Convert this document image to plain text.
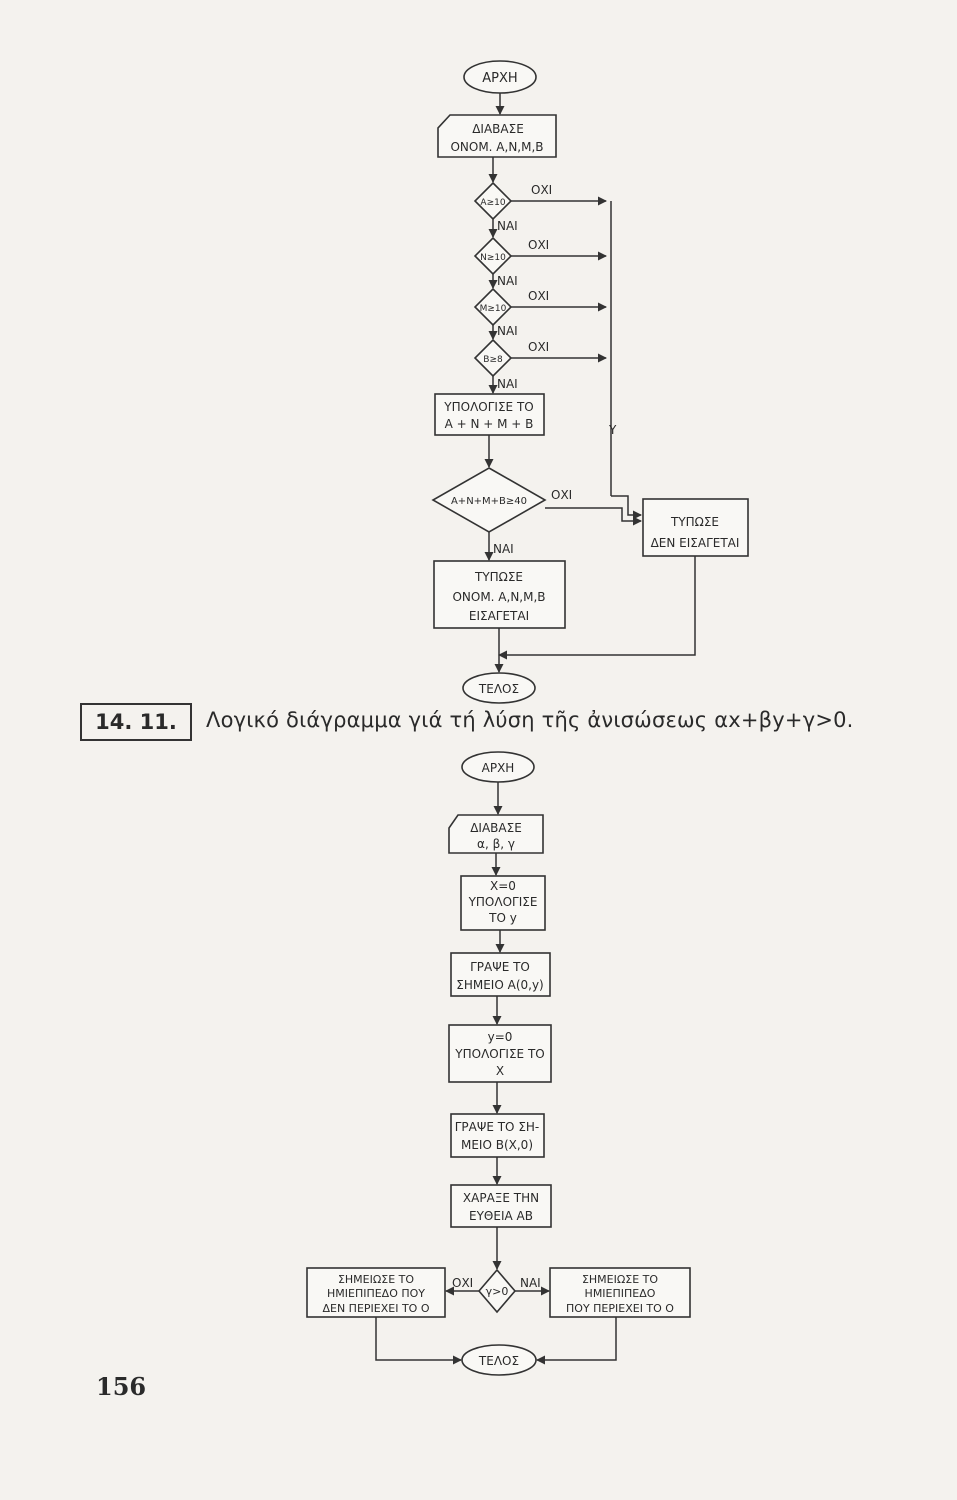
ΑΡΧΗ
ΔΙΑΒΑΣΕ
ΟΝΟΜ. Α,Ν,Μ,Β
Α≥10
ΟΧΙ
ΝΑΙ
Ν≥10
ΟΧΙ
ΝΑΙ
Μ≥10
ΟΧΙ
ΝΑΙ
Β≥8
ΟΧΙ
ΝΑΙ
Υ
ΥΠΟΛΟΓΙΣΕ ΤΟ
Α + Ν + Μ + Β
Α+Ν+Μ+Β≥40 ΟΧΙ
ΝΑΙ
ΤΥΠΩΣΕ
ΔΕΝ ΕΙΣΑΓΕΤΑΙ
ΤΥΠΩΣΕ
ΟΝΟΜ. Α,Ν,Μ,Β
ΕΙΣΑΓΕΤΑΙ
ΤΕΛΟΣ
ΑΡΧΗ
ΔΙΑΒΑΣΕ
α, β, γ
Χ=0
ΥΠΟΛΟΓΙΣΕ
ΤΟ y
ΓΡΑΨΕ ΤΟ
ΣΗΜΕΙΟ Α(0,y)
y=0
ΥΠΟΛΟΓΙΣΕ ΤΟ
Χ
ΓΡΑΨΕ ΤΟ ΣΗ-
ΜΕΙΟ Β(Χ,0)
ΧΑΡΑΞΕ ΤΗΝ
ΕΥΘΕΙΑ ΑΒ
γ>0
ΟΧΙ	ΝΑΙ
ΣΗΜΕΙΩΣΕ ΤΟ
ΗΜΙΕΠΙΠΕΔΟ ΠΟΥ
ΔΕΝ ΠΕΡΙΕΧΕΙ ΤΟ Ο
ΣΗΜΕΙΩΣΕ ΤΟ
ΗΜΙΕΠΙΠΕΔΟ
ΠΟΥ ΠΕΡΙΕΧΕΙ ΤΟ Ο
ΤΕΛΟΣ
14. 11.	Λογικό διάγραμμα γιά τή λύση τῆς ἀνισώσεως αx+βy+γ>0.
156
